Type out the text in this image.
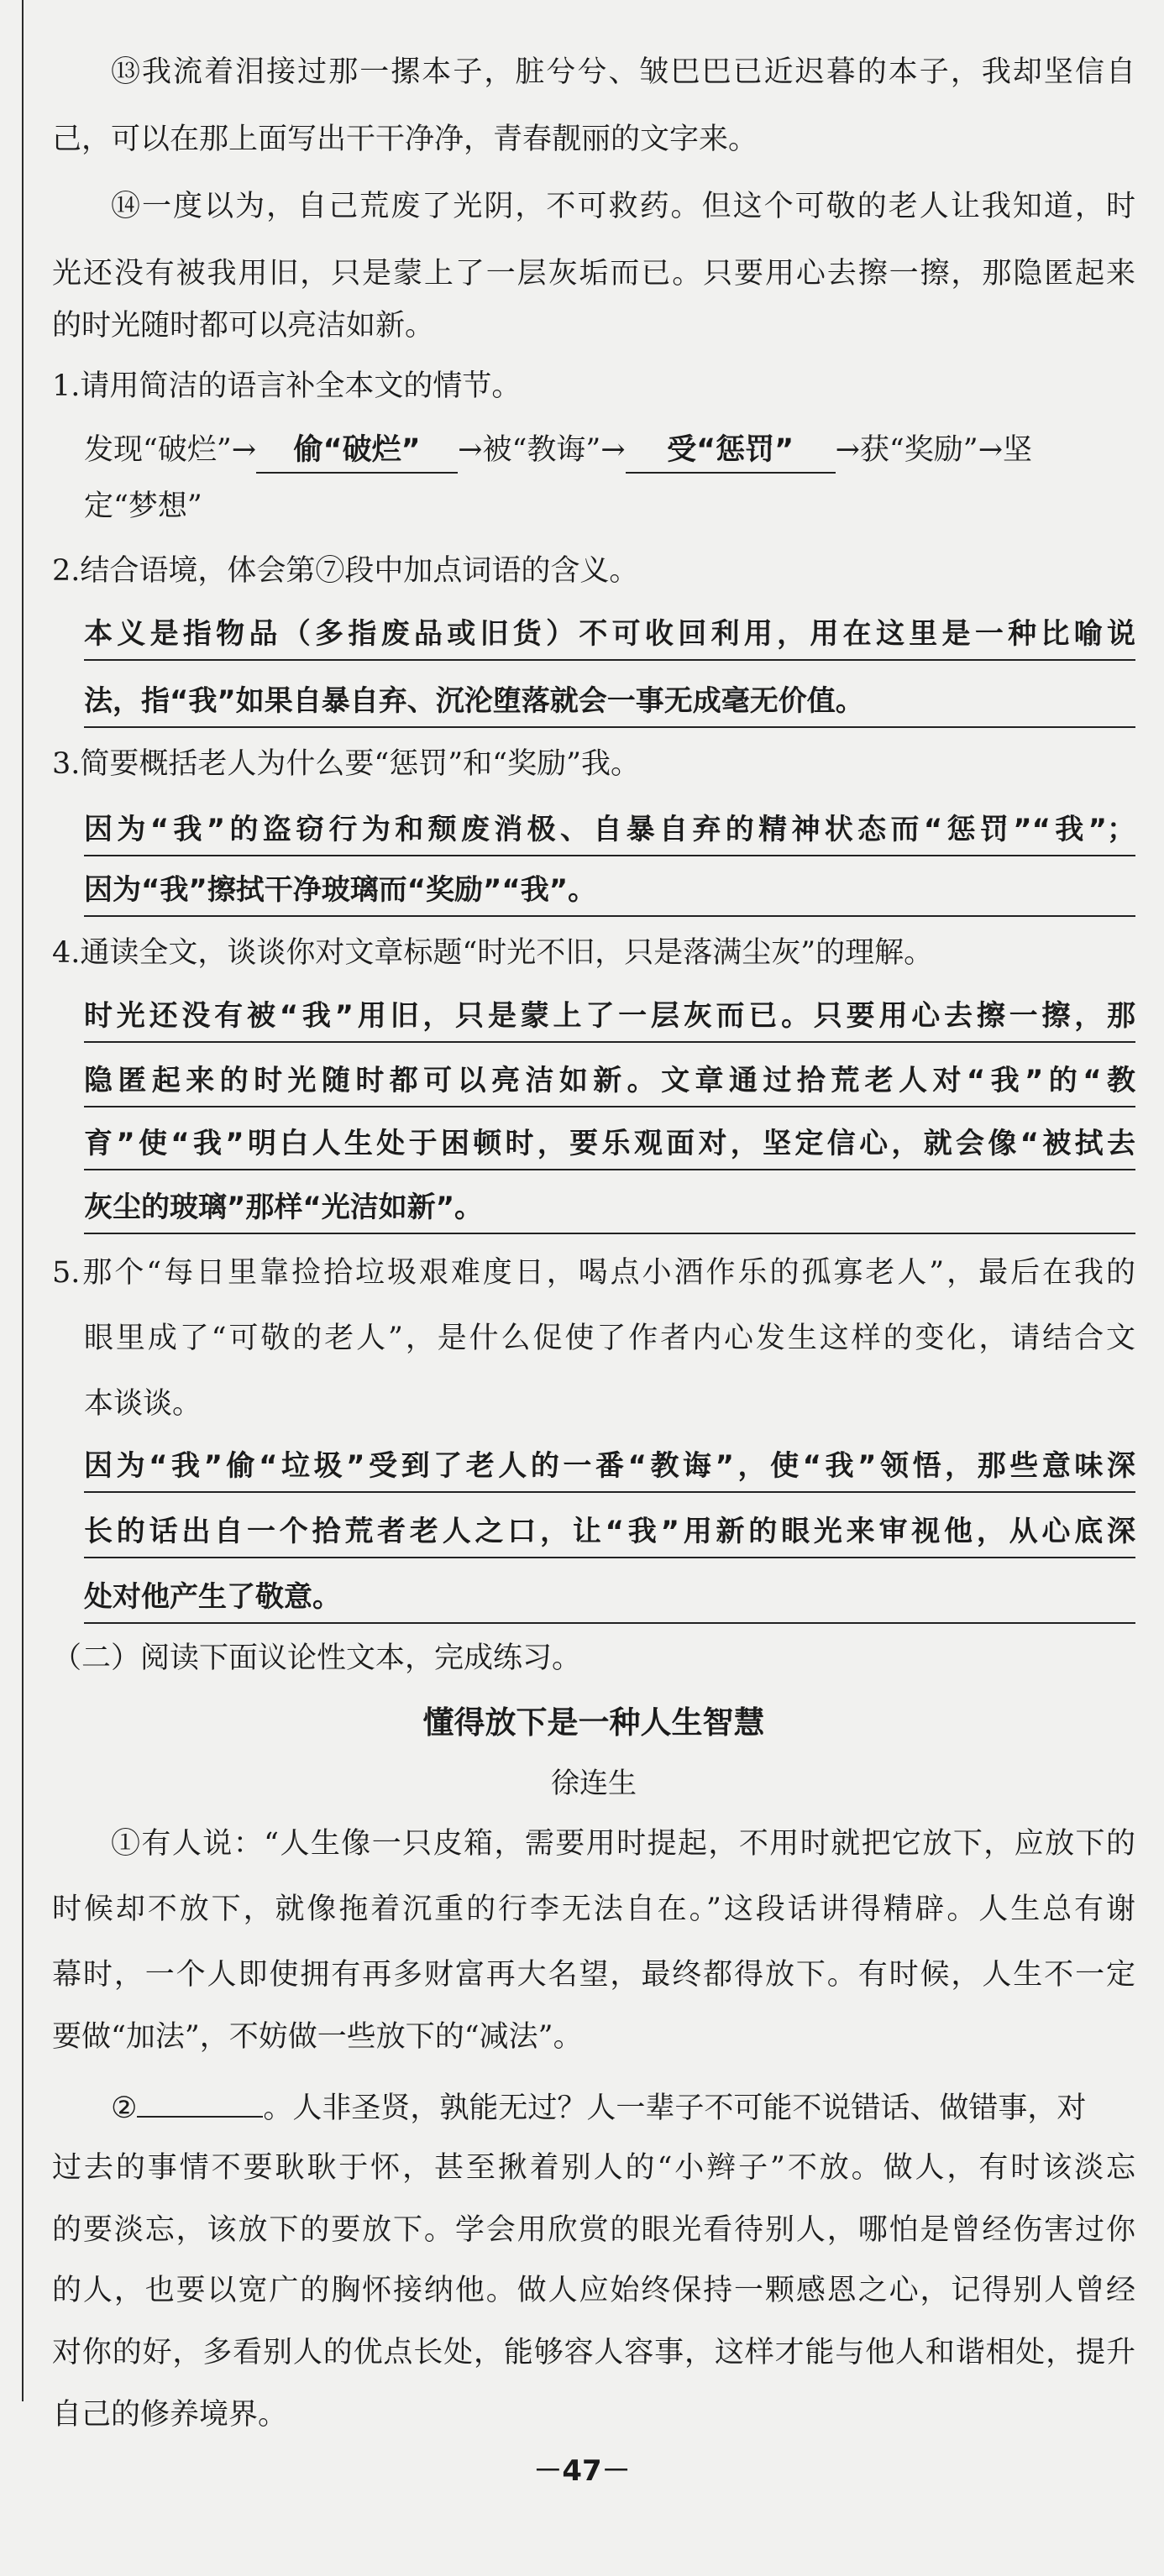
⑬我流着泪接过那一摞本子，脏兮兮、皱巴巴已近迟暮的本子，我却坚信自
己，可以在那上面写出干干净净，青春靓丽的文字来。
⑭一度以为，自己荒废了光阴，不可救药。但这个可敬的老人让我知道，时
光还没有被我用旧，只是蒙上了一层灰垢而已。只要用心去擦一擦，那隐匿起来
的时光随时都可以亮洁如新。
1.请用简洁的语言补全本文的情节。
发现“破烂”→ 偷“破烂” →被“教诲”→ 受“惩罚” →获“奖励”→坚
定“梦想”
2.结合语境，体会第⑦段中加点词语的含义。
本义是指物品（多指废品或旧货）不可收回利用，用在这里是一种比喻说
法，指“我”如果自暴自弃、沉沦堕落就会一事无成毫无价值。
3.简要概括老人为什么要“惩罚”和“奖励”我。
因为“我”的盗窃行为和颓废消极、自暴自弃的精神状态而“惩罚”“我”；
因为“我”擦拭干净玻璃而“奖励”“我”。
4.通读全文，谈谈你对文章标题“时光不旧，只是落满尘灰”的理解。
时光还没有被“我”用旧，只是蒙上了一层灰而已。只要用心去擦一擦，那
隐匿起来的时光随时都可以亮洁如新。文章通过拾荒老人对“我”的“教
育”使“我”明白人生处于困顿时，要乐观面对，坚定信心，就会像“被拭去
灰尘的玻璃”那样“光洁如新”。
5.那个“每日里靠捡拾垃圾艰难度日，喝点小酒作乐的孤寡老人”，最后在我的
眼里成了“可敬的老人”，是什么促使了作者内心发生这样的变化，请结合文
本谈谈。
因为“我”偷“垃圾”受到了老人的一番“教诲”，使“我”领悟，那些意味深
长的话出自一个拾荒者老人之口，让“我”用新的眼光来审视他，从心底深
处对他产生了敬意。
（二）阅读下面议论性文本，完成练习。
懂得放下是一种人生智慧
徐连生
①有人说：“人生像一只皮箱，需要用时提起，不用时就把它放下，应放下的
时候却不放下，就像拖着沉重的行李无法自在。”这段话讲得精辟。人生总有谢
幕时，一个人即使拥有再多财富再大名望，最终都得放下。有时候，人生不一定
要做“加法”，不妨做一些放下的“减法”。
②	。人非圣贤，孰能无过？人一辈子不可能不说错话、做错事，对
过去的事情不要耿耿于怀，甚至揪着别人的“小辫子”不放。做人，有时该淡忘
的要淡忘，该放下的要放下。学会用欣赏的眼光看待别人，哪怕是曾经伤害过你
的人，也要以宽广的胸怀接纳他。做人应始终保持一颗感恩之心，记得别人曾经
对你的好，多看别人的优点长处，能够容人容事，这样才能与他人和谐相处，提升
自己的修养境界。
－47－
